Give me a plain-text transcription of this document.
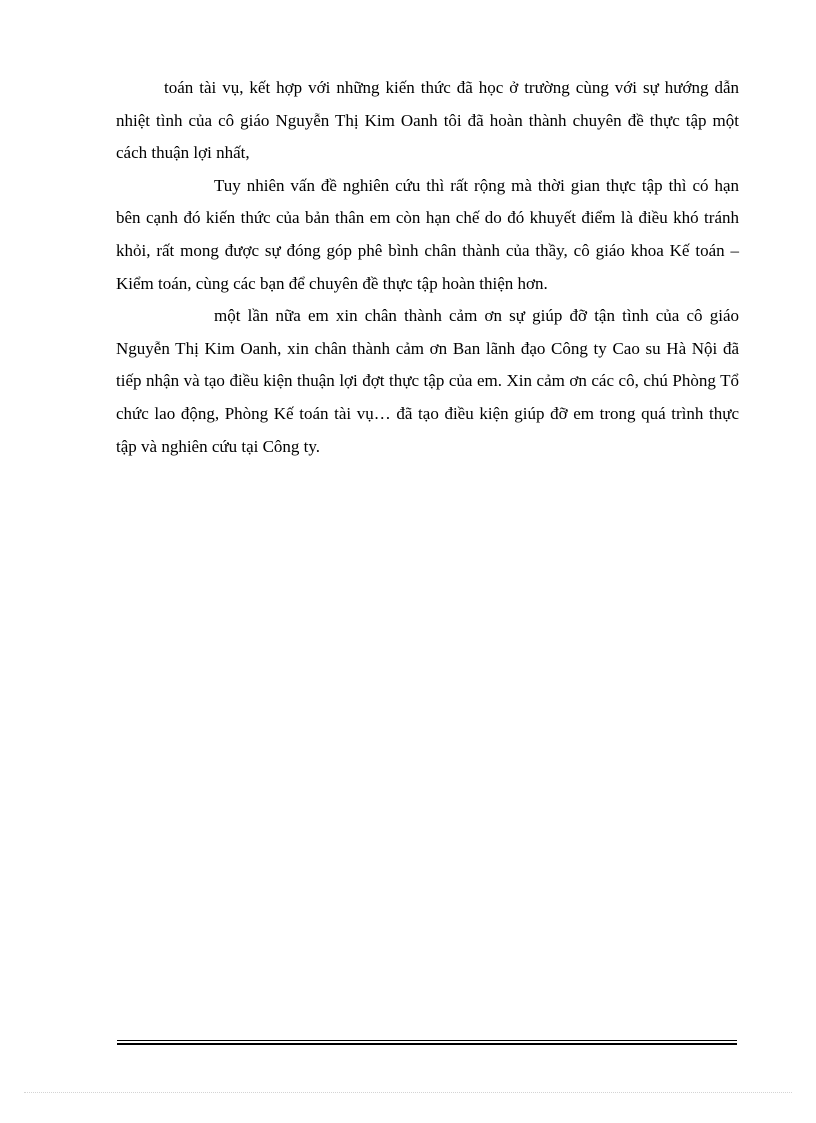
toán tài vụ, kết hợp với những kiến thức đã học ở trường cùng với sự hướng dẫn nhiệt tình của cô giáo Nguyễn Thị Kim Oanh tôi đã hoàn thành chuyên đề thực tập một cách thuận lợi nhất,

Tuy nhiên vấn đề nghiên cứu thì rất rộng mà thời gian thực tập thì có hạn bên cạnh đó kiến thức của bản thân em còn hạn chế do đó khuyết điểm là điều khó tránh khỏi, rất mong được sự đóng góp phê bình chân thành của thầy, cô giáo khoa Kế toán – Kiểm toán, cùng các bạn để chuyên đề thực tập hoàn thiện hơn.

một lần nữa em xin chân thành cảm ơn sự giúp đỡ tận tình của cô giáo Nguyễn Thị Kim Oanh, xin chân thành cảm ơn Ban lãnh đạo Công ty Cao su Hà Nội đã tiếp nhận và tạo điều kiện thuận lợi đợt thực tập của em. Xin cảm ơn các cô, chú Phòng Tổ chức lao động, Phòng Kế toán tài vụ… đã tạo điều kiện giúp đỡ em trong quá trình thực tập và nghiên cứu tại Công ty.
